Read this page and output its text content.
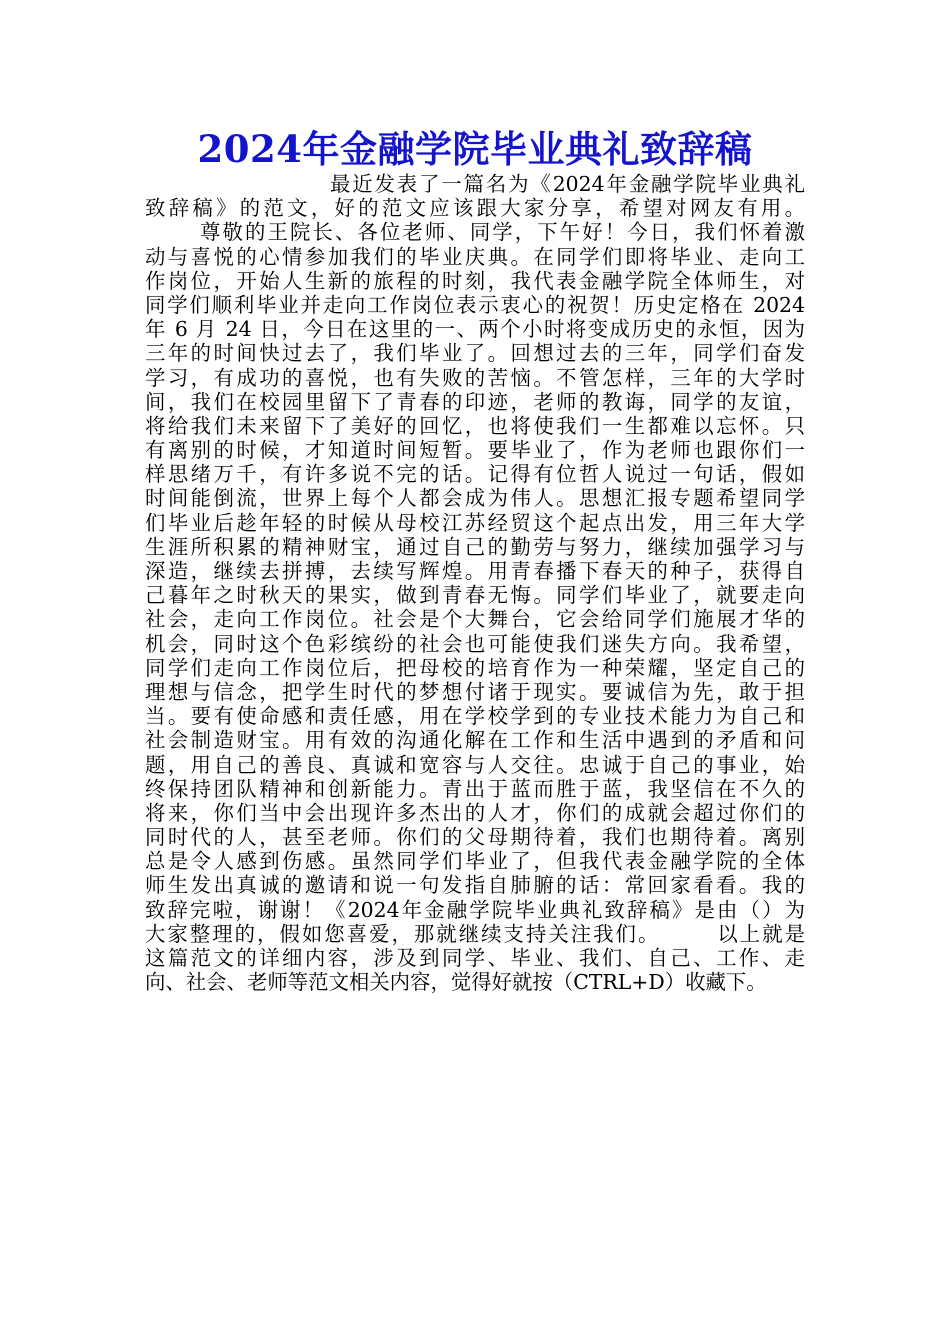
2024年金融学院毕业典礼致辞稿
最近发表了一篇名为《2024年金融学院毕业典礼
致辞稿》的范文，好的范文应该跟大家分享，希望对网友有用。
尊敬的王院长、各位老师、同学，下午好！今日，我们怀着激
动与喜悦的心情参加我们的毕业庆典。在同学们即将毕业、走向工
作岗位，开始人生新的旅程的时刻，我代表金融学院全体师生，对
同学们顺利毕业并走向工作岗位表示衷心的祝贺！历史定格在 2024
年 6 月 24 日，今日在这里的一、两个小时将变成历史的永恒，因为
三年的时间快过去了，我们毕业了。回想过去的三年，同学们奋发
学习，有成功的喜悦，也有失败的苦恼。不管怎样，三年的大学时
间，我们在校园里留下了青春的印迹，老师的教诲，同学的友谊，
将给我们未来留下了美好的回忆，也将使我们一生都难以忘怀。只
有离别的时候，才知道时间短暂。要毕业了，作为老师也跟你们一
样思绪万千，有许多说不完的话。记得有位哲人说过一句话，假如
时间能倒流，世界上每个人都会成为伟人。思想汇报专题希望同学
们毕业后趁年轻的时候从母校江苏经贸这个起点出发，用三年大学
生涯所积累的精神财宝，通过自己的勤劳与努力，继续加强学习与
深造，继续去拼搏，去续写辉煌。用青春播下春天的种子，获得自
己暮年之时秋天的果实，做到青春无悔。同学们毕业了，就要走向
社会，走向工作岗位。社会是个大舞台，它会给同学们施展才华的
机会，同时这个色彩缤纷的社会也可能使我们迷失方向。我希望，
同学们走向工作岗位后，把母校的培育作为一种荣耀，坚定自己的
理想与信念，把学生时代的梦想付诸于现实。要诚信为先，敢于担
当。要有使命感和责任感，用在学校学到的专业技术能力为自己和
社会制造财宝。用有效的沟通化解在工作和生活中遇到的矛盾和问
题，用自己的善良、真诚和宽容与人交往。忠诚于自己的事业，始
终保持团队精神和创新能力。青出于蓝而胜于蓝，我坚信在不久的
将来，你们当中会出现许多杰出的人才，你们的成就会超过你们的
同时代的人，甚至老师。你们的父母期待着，我们也期待着。离别
总是令人感到伤感。虽然同学们毕业了，但我代表金融学院的全体
师生发出真诚的邀请和说一句发指自肺腑的话：常回家看看。我的
致辞完啦，谢谢！《2024年金融学院毕业典礼致辞稿》是由（）为
大家整理的，假如您喜爱，那就继续支持关注我们。　　　以上就是
这篇范文的详细内容，涉及到同学、毕业、我们、自己、工作、走
向、社会、老师等范文相关内容，觉得好就按（CTRL+D）收藏下。
